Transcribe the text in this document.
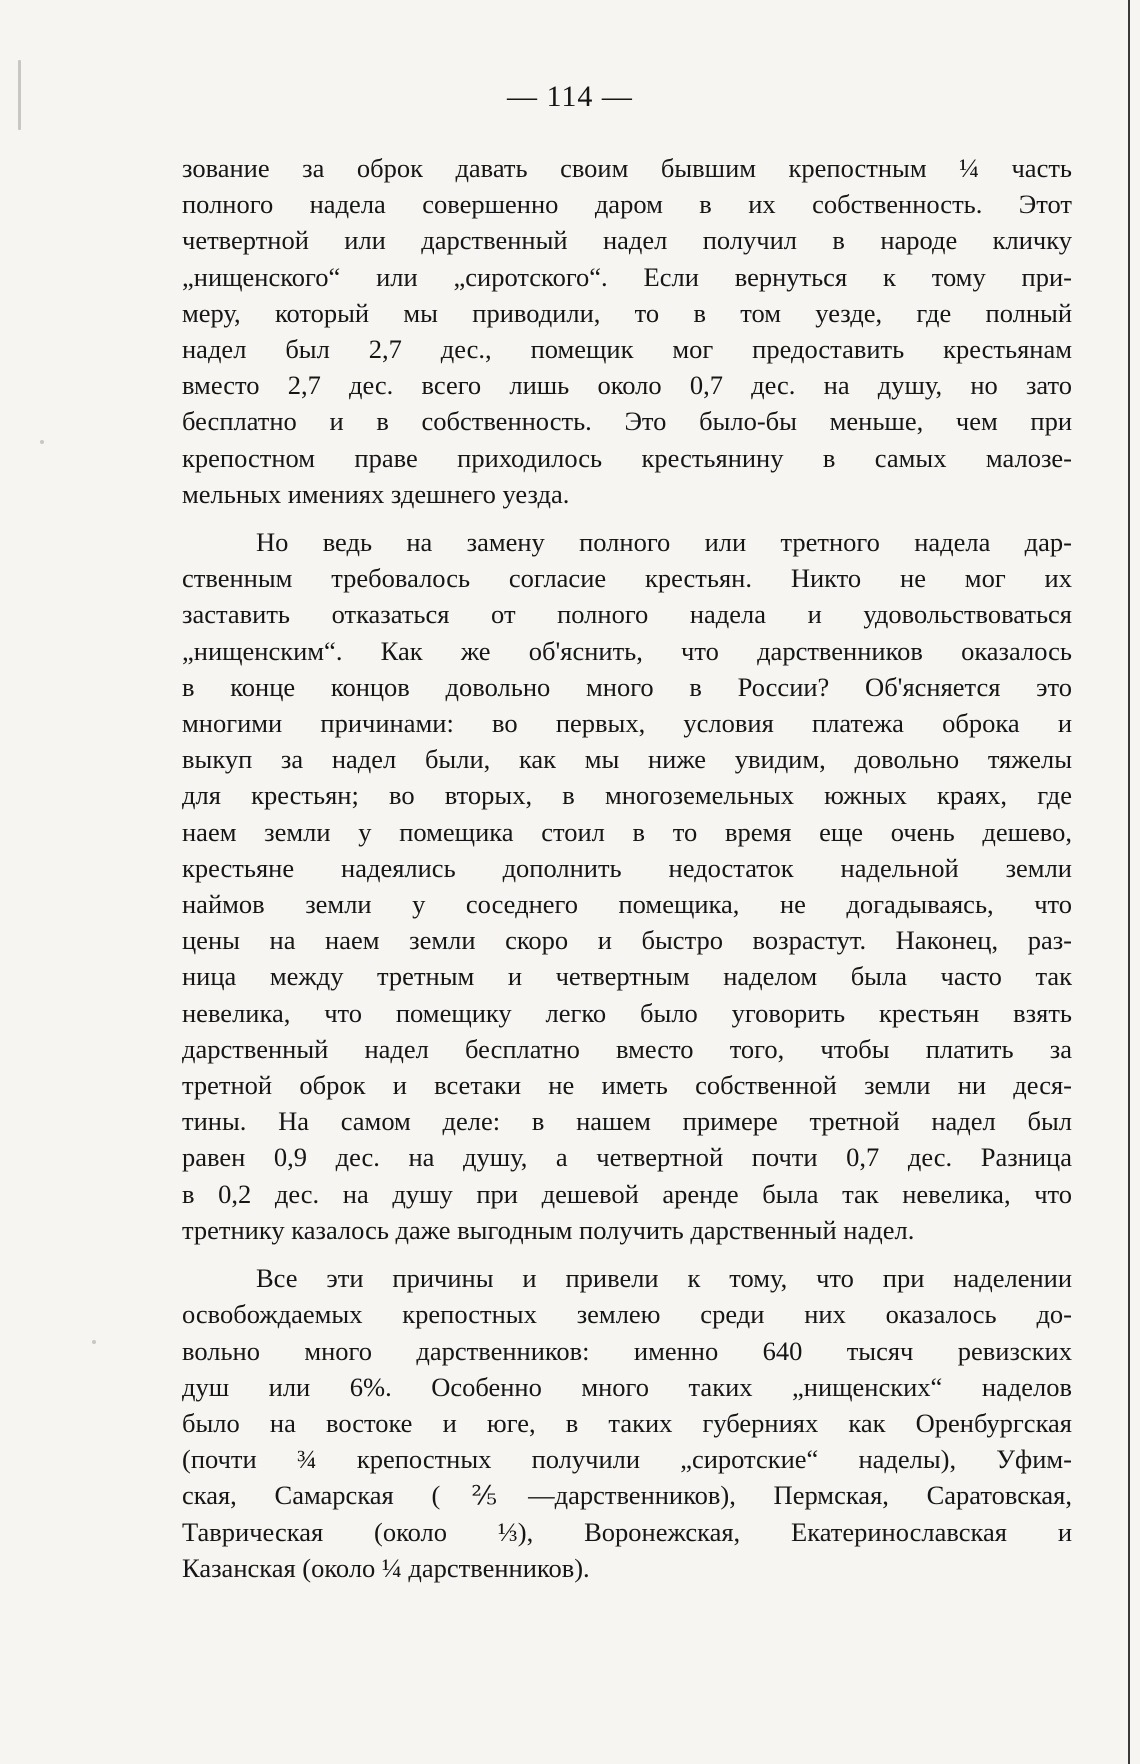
— 114 —

зование за оброк давать своим бывшим крепостным ¼ часть
полного надела совершенно даром в их собственность. Этот
четвертной или дарственный надел получил в народе кличку
„нищенского“ или „сиротского“. Если вернуться к тому при-
меру, который мы приводили, то в том уезде, где полный
надел был 2,7 дес., помещик мог предоставить крестьянам
вместо 2,7 дес. всего лишь около 0,7 дес. на душу, но зато
бесплатно и в собственность. Это было-бы меньше, чем при
крепостном праве приходилось крестьянину в самых малозе-
мельных имениях здешнего уезда.

Но ведь на замену полного или третного надела дар-
ственным требовалось согласие крестьян. Никто не мог их
заставить отказаться от полного надела и удовольствоваться
„нищенским“. Как же об'яснить, что дарственников оказалось
в конце концов довольно много в России? Об'ясняется это
многими причинами: во первых, условия платежа оброка и
выкуп за надел были, как мы ниже увидим, довольно тяжелы
для крестьян; во вторых, в многоземельных южных краях, где
наем земли у помещика стоил в то время еще очень дешево,
крестьяне надеялись дополнить недостаток надельной земли
наймов земли у соседнего помещика, не догадываясь, что
цены на наем земли скоро и быстро возрастут. Наконец, раз-
ница между третным и четвертным наделом была часто так
невелика, что помещику легко было уговорить крестьян взять
дарственный надел бесплатно вместо того, чтобы платить за
третной оброк и всетаки не иметь собственной земли ни деся-
тины. На самом деле: в нашем примере третной надел был
равен 0,9 дес. на душу, а четвертной почти 0,7 дес. Разница
в 0,2 дес. на душу при дешевой аренде была так невелика, что
третнику казалось даже выгодным получить дарственный надел.

Все эти причины и привели к тому, что при наделении
освобождаемых крепостных землею среди них оказалось до-
вольно много дарственников: именно 640 тысяч ревизских
душ или 6%. Особенно много таких „нищенских“ наделов
было на востоке и юге, в таких губерниях как Оренбургская
(почти ¾ крепостных получили „сиротские“ наделы), Уфим-
ская, Самарская (⅖—дарственников), Пермская, Саратовская,
Таврическая (около ⅓), Воронежская, Екатеринославская и
Казанская (около ¼ дарственников).
